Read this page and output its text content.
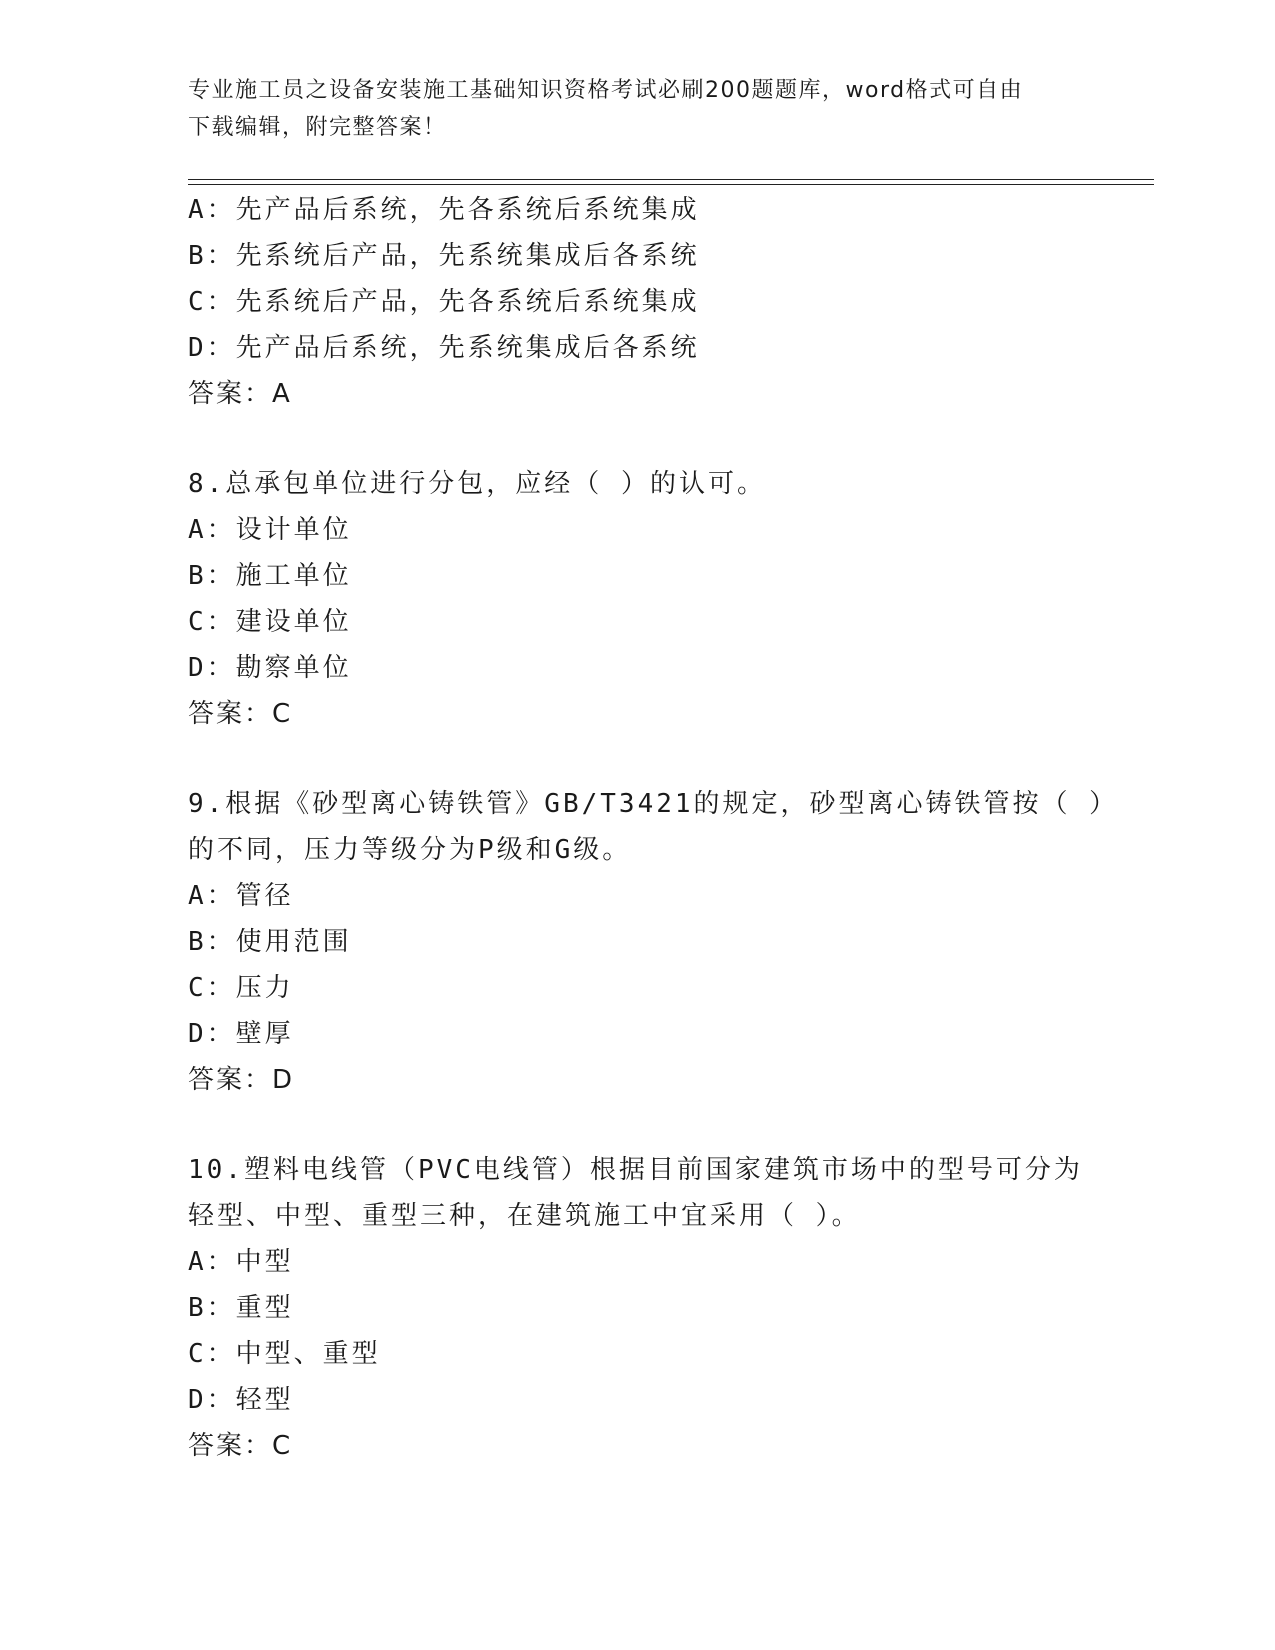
专业施工员之设备安装施工基础知识资格考试必刷200题题库，word格式可自由
下载编辑，附完整答案！
A：先产品后系统，先各系统后系统集成
B：先系统后产品，先系统集成后各系统
C：先系统后产品，先各系统后系统集成
D：先产品后系统，先系统集成后各系统
答案：A
8.总承包单位进行分包，应经（ ）的认可。
A：设计单位
B：施工单位
C：建设单位
D：勘察单位
答案：C
9.根据《砂型离心铸铁管》GB/T3421的规定，砂型离心铸铁管按（ ）
的不同，压力等级分为P级和G级。
A：管径
B：使用范围
C：压力
D：壁厚
答案：D
10.塑料电线管（PVC电线管）根据目前国家建筑市场中的型号可分为
轻型、中型、重型三种，在建筑施工中宜采用（ ）。
A：中型
B：重型
C：中型、重型
D：轻型
答案：C
